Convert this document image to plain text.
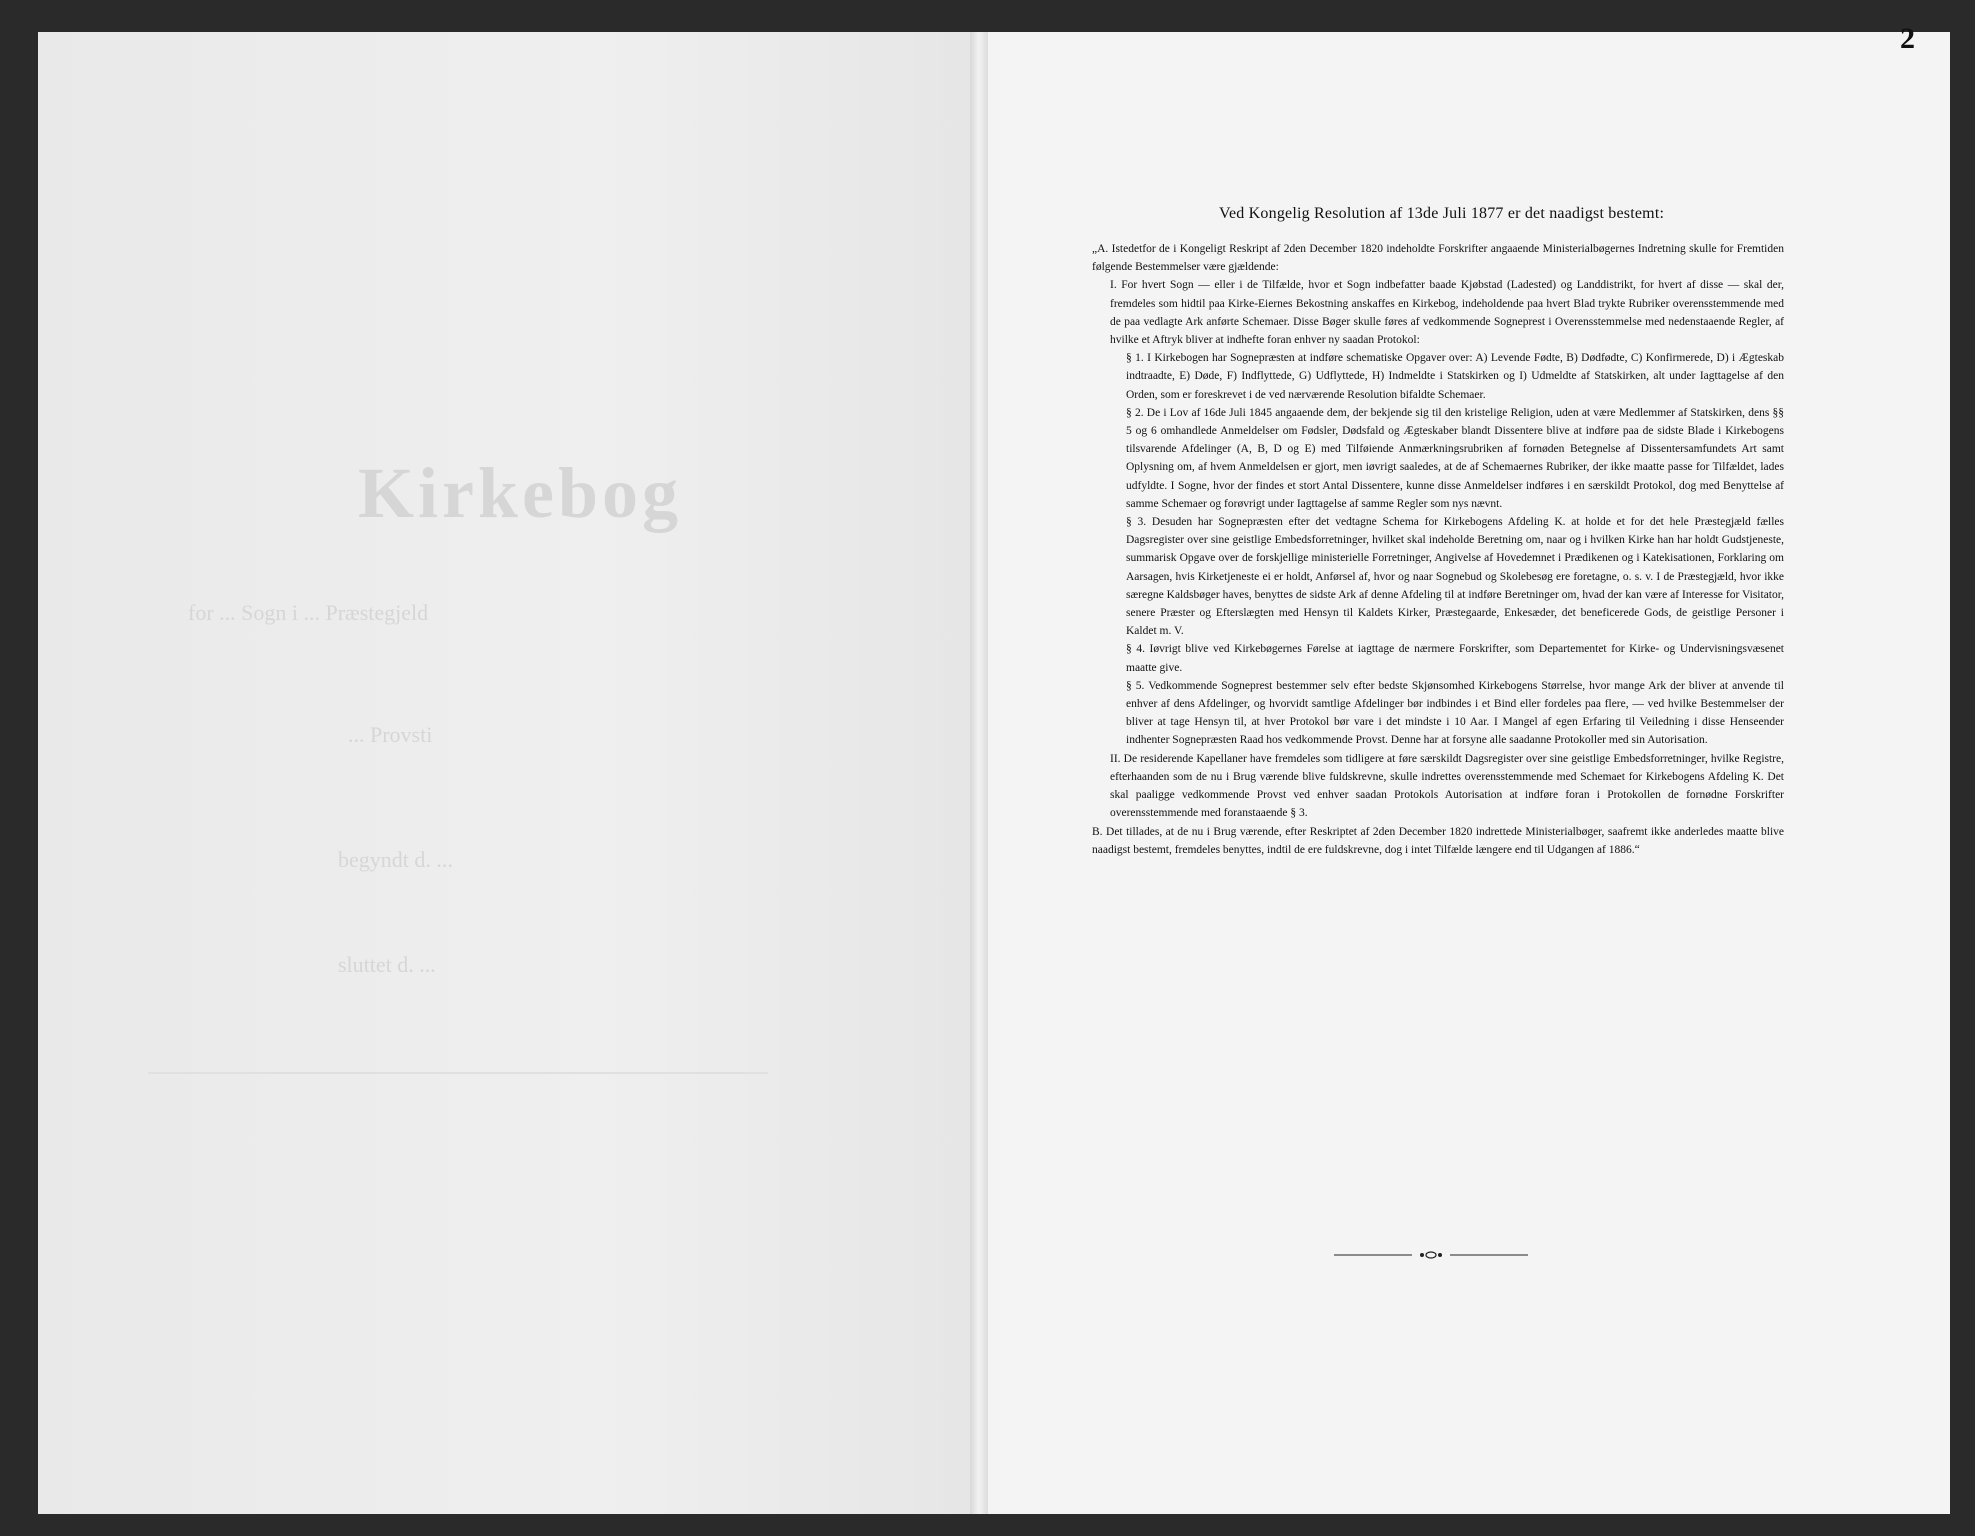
Kirkebog
for ... Sogn i ... Præstegjeld
... Provsti
begyndt d. ...
sluttet d. ...
2
Ved Kongelig Resolution af 13de Juli 1877 er det naadigst bestemt:

„A. Istedetfor de i Kongeligt Reskript af 2den December 1820 indeholdte Forskrifter angaaende Ministerialbøgernes Indretning skulle for Fremtiden følgende Bestemmelser være gjældende:

I. For hvert Sogn — eller i de Tilfælde, hvor et Sogn indbefatter baade Kjøbstad (Ladested) og Landdistrikt, for hvert af disse — skal der, fremdeles som hidtil paa Kirke-Eiernes Bekostning anskaffes en Kirkebog, indeholdende paa hvert Blad trykte Rubriker overensstemmende med de paa vedlagte Ark anførte Schemaer. Disse Bøger skulle føres af vedkommende Sogneprest i Overensstemmelse med nedenstaaende Regler, af hvilke et Aftryk bliver at indhefte foran enhver ny saadan Protokol:

§ 1. I Kirkebogen har Sognepræsten at indføre schematiske Opgaver over: A) Levende Fødte, B) Dødfødte, C) Konfirmerede, D) i Ægteskab indtraadte, E) Døde, F) Indflyttede, G) Udflyttede, H) Indmeldte i Statskirken og I) Udmeldte af Statskirken, alt under Iagttagelse af den Orden, som er foreskrevet i de ved nærværende Resolution bifaldte Schemaer.

§ 2. De i Lov af 16de Juli 1845 angaaende dem, der bekjende sig til den kristelige Religion, uden at være Medlemmer af Statskirken, dens §§ 5 og 6 omhandlede Anmeldelser om Fødsler, Dødsfald og Ægteskaber blandt Dissentere blive at indføre paa de sidste Blade i Kirkebogens tilsvarende Afdelinger (A, B, D og E) med Tilføiende Anmærkningsrubriken af fornøden Betegnelse af Dissentersamfundets Art samt Oplysning om, af hvem Anmeldelsen er gjort, men iøvrigt saaledes, at de af Schemaernes Rubriker, der ikke maatte passe for Tilfældet, lades udfyldte. I Sogne, hvor der findes et stort Antal Dissentere, kunne disse Anmeldelser indføres i en særskildt Protokol, dog med Benyttelse af samme Schemaer og forøvrigt under Iagttagelse af samme Regler som nys nævnt.

§ 3. Desuden har Sognepræsten efter det vedtagne Schema for Kirkebogens Afdeling K. at holde et for det hele Præstegjæld fælles Dagsregister over sine geistlige Embedsforretninger, hvilket skal indeholde Beretning om, naar og i hvilken Kirke han har holdt Gudstjeneste, summarisk Opgave over de forskjellige ministerielle Forretninger, Angivelse af Hovedemnet i Prædikenen og i Katekisationen, Forklaring om Aarsagen, hvis Kirketjeneste ei er holdt, Anførsel af, hvor og naar Sognebud og Skolebesøg ere foretagne, o. s. v. I de Præstegjæld, hvor ikke særegne Kaldsbøger haves, benyttes de sidste Ark af denne Afdeling til at indføre Beretninger om, hvad der kan være af Interesse for Visitator, senere Præster og Efterslægten med Hensyn til Kaldets Kirker, Præstegaarde, Enkesæder, det beneficerede Gods, de geistlige Personer i Kaldet m. V.

§ 4. Iøvrigt blive ved Kirkebøgernes Førelse at iagttage de nærmere Forskrifter, som Departementet for Kirke- og Undervisningsvæsenet maatte give.

§ 5. Vedkommende Sogneprest bestemmer selv efter bedste Skjønsomhed Kirkebogens Størrelse, hvor mange Ark der bliver at anvende til enhver af dens Afdelinger, og hvorvidt samtlige Afdelinger bør indbindes i et Bind eller fordeles paa flere, — ved hvilke Bestemmelser der bliver at tage Hensyn til, at hver Protokol bør vare i det mindste i 10 Aar. I Mangel af egen Erfaring til Veiledning i disse Henseender indhenter Sognepræsten Raad hos vedkommende Provst. Denne har at forsyne alle saadanne Protokoller med sin Autorisation.

II. De residerende Kapellaner have fremdeles som tidligere at føre særskildt Dagsregister over sine geistlige Embedsforretninger, hvilke Registre, efterhaanden som de nu i Brug værende blive fuldskrevne, skulle indrettes overensstemmende med Schemaet for Kirkebogens Afdeling K. Det skal paaligge vedkommende Provst ved enhver saadan Protokols Autorisation at indføre foran i Protokollen de fornødne Forskrifter overensstemmende med foranstaaende § 3.

B. Det tillades, at de nu i Brug værende, efter Reskriptet af 2den December 1820 indrettede Ministerialbøger, saafremt ikke anderledes maatte blive naadigst bestemt, fremdeles benyttes, indtil de ere fuldskrevne, dog i intet Tilfælde længere end til Udgangen af 1886.“
